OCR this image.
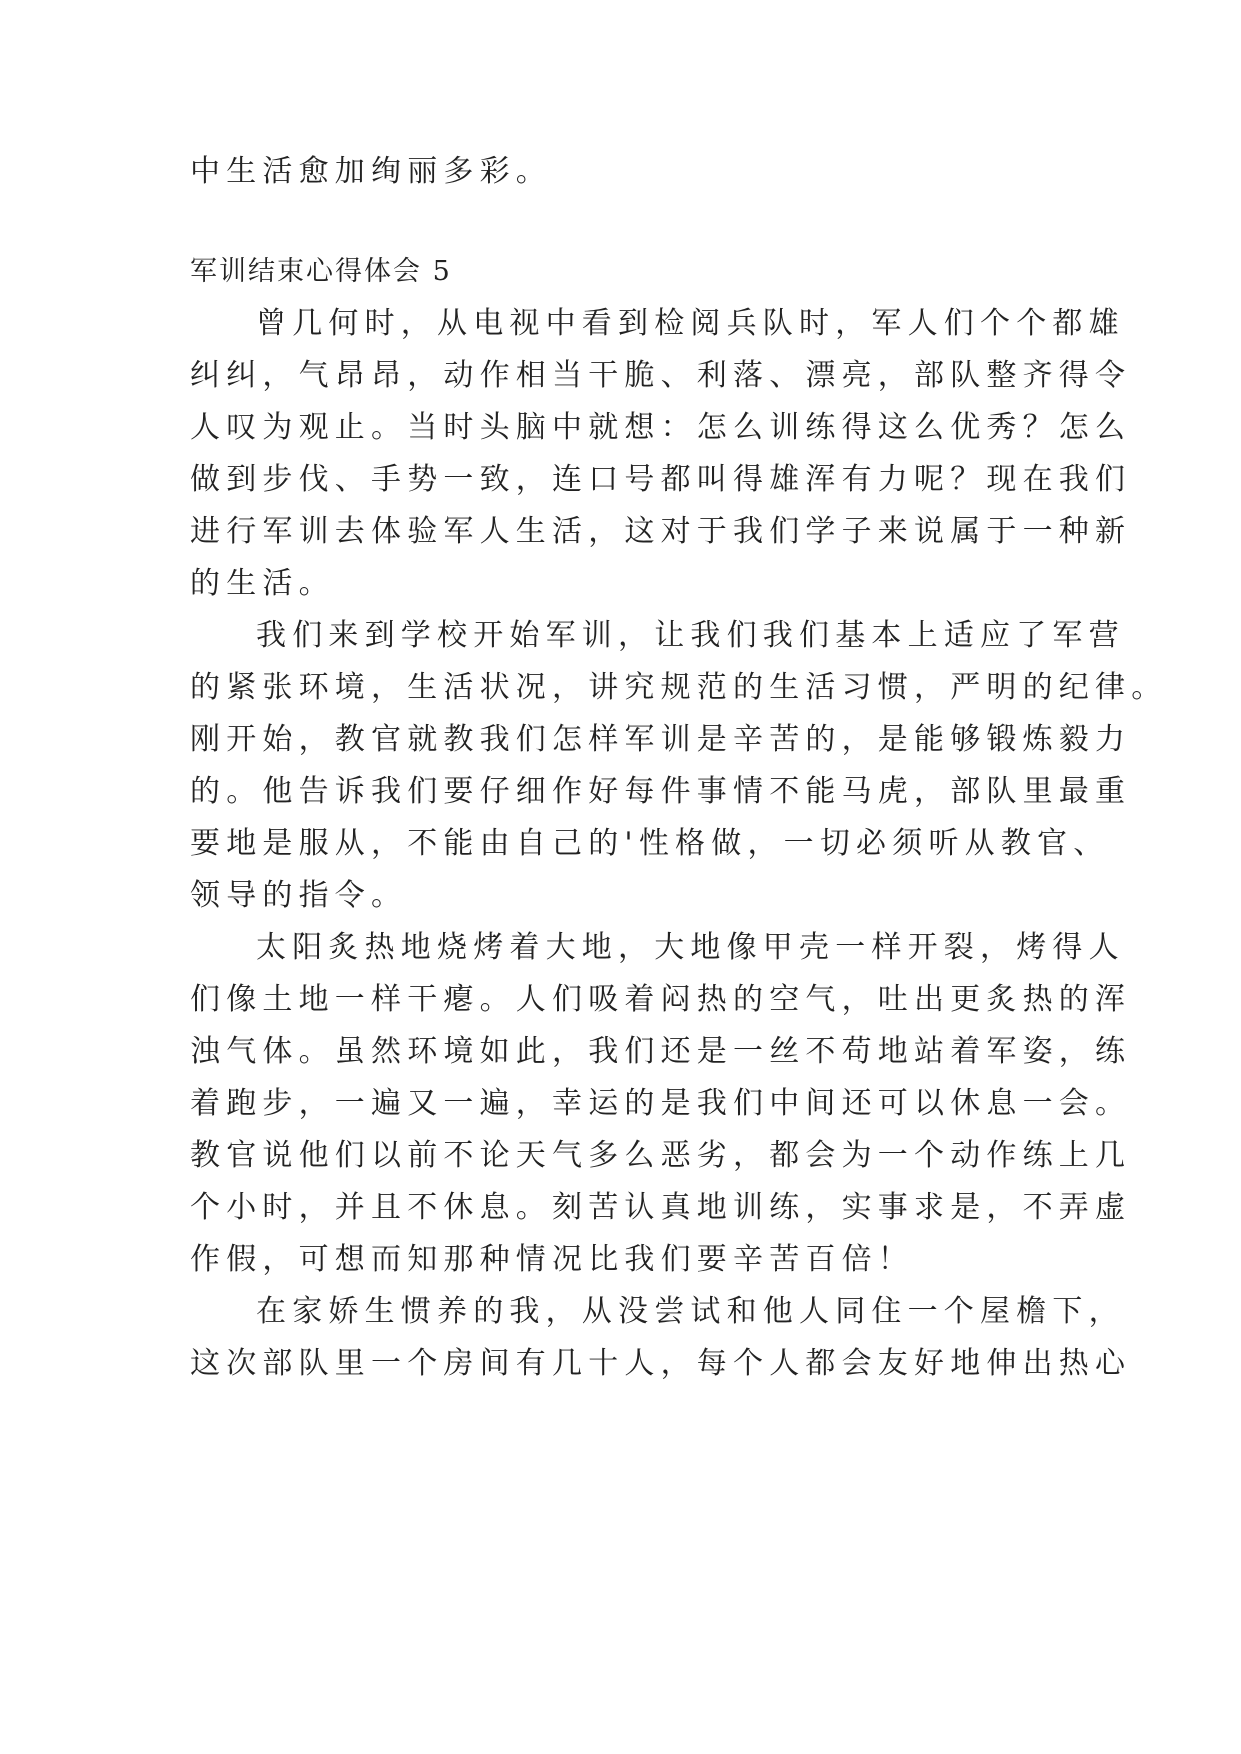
中生活愈加绚丽多彩。
军训结束心得体会 5
曾几何时，从电视中看到检阅兵队时，军人们个个都雄
纠纠，气昂昂，动作相当干脆、利落、漂亮，部队整齐得令
人叹为观止。当时头脑中就想：怎么训练得这么优秀？怎么
做到步伐、手势一致，连口号都叫得雄浑有力呢？现在我们
进行军训去体验军人生活，这对于我们学子来说属于一种新
的生活。
我们来到学校开始军训，让我们我们基本上适应了军营
的紧张环境，生活状况，讲究规范的生活习惯，严明的纪律。
刚开始，教官就教我们怎样军训是辛苦的，是能够锻炼毅力
的。他告诉我们要仔细作好每件事情不能马虎，部队里最重
要地是服从，不能由自己的'性格做，一切必须听从教官、
领导的指令。
太阳炙热地烧烤着大地，大地像甲壳一样开裂，烤得人
们像土地一样干瘪。人们吸着闷热的空气，吐出更炙热的浑
浊气体。虽然环境如此，我们还是一丝不苟地站着军姿，练
着跑步，一遍又一遍，幸运的是我们中间还可以休息一会。
教官说他们以前不论天气多么恶劣，都会为一个动作练上几
个小时，并且不休息。刻苦认真地训练，实事求是，不弄虚
作假，可想而知那种情况比我们要辛苦百倍！
在家娇生惯养的我，从没尝试和他人同住一个屋檐下，
这次部队里一个房间有几十人，每个人都会友好地伸出热心
